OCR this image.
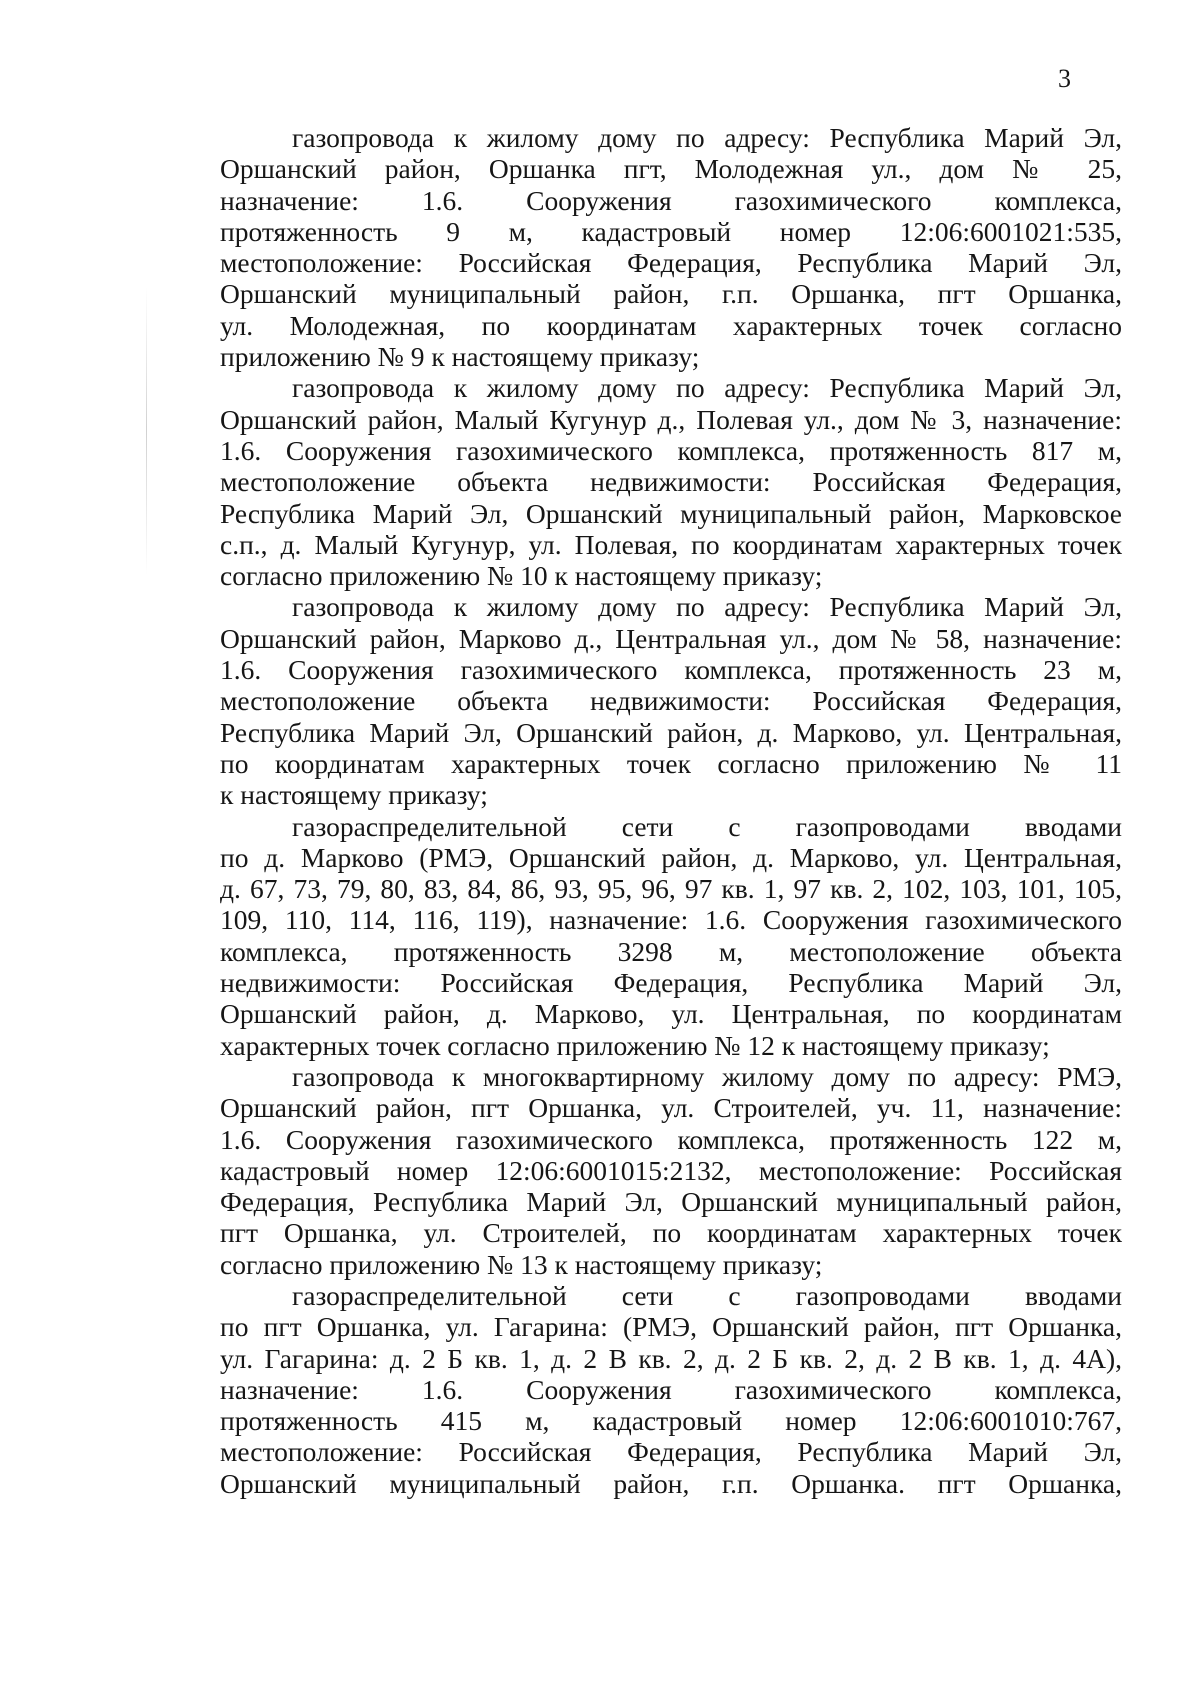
3
газопровода к жилому дому по адресу: Республика Марий Эл,
Оршанский район, Оршанка пгт, Молодежная ул., дом № 25,
назначение: 1.6. Сооружения газохимического комплекса,
протяженность 9 м, кадастровый номер 12:06:6001021:535,
местоположение: Российская Федерация, Республика Марий Эл,
Оршанский муниципальный район, г.п. Оршанка, пгт Оршанка,
ул. Молодежная, по координатам характерных точек согласно
приложению № 9 к настоящему приказу;
газопровода к жилому дому по адресу: Республика Марий Эл,
Оршанский район, Малый Кугунур д., Полевая ул., дом № 3, назначение:
1.6. Сооружения газохимического комплекса, протяженность 817 м,
местоположение объекта недвижимости: Российская Федерация,
Республика Марий Эл, Оршанский муниципальный район, Марковское
с.п., д. Малый Кугунур, ул. Полевая, по координатам характерных точек
согласно приложению № 10 к настоящему приказу;
газопровода к жилому дому по адресу: Республика Марий Эл,
Оршанский район, Марково д., Центральная ул., дом № 58, назначение:
1.6. Сооружения газохимического комплекса, протяженность 23 м,
местоположение объекта недвижимости: Российская Федерация,
Республика Марий Эл, Оршанский район, д. Марково, ул. Центральная,
по координатам характерных точек согласно приложению № 11
к настоящему приказу;
газораспределительной сети с газопроводами вводами
по д. Марково (РМЭ, Оршанский район, д. Марково, ул. Центральная,
д. 67, 73, 79, 80, 83, 84, 86, 93, 95, 96, 97 кв. 1, 97 кв. 2, 102, 103, 101, 105,
109, 110, 114, 116, 119), назначение: 1.6. Сооружения газохимического
комплекса, протяженность 3298 м, местоположение объекта
недвижимости: Российская Федерация, Республика Марий Эл,
Оршанский район, д. Марково, ул. Центральная, по координатам
характерных точек согласно приложению № 12 к настоящему приказу;
газопровода к многоквартирному жилому дому по адресу: РМЭ,
Оршанский район, пгт Оршанка, ул. Строителей, уч. 11, назначение:
1.6. Сооружения газохимического комплекса, протяженность 122 м,
кадастровый номер 12:06:6001015:2132, местоположение: Российская
Федерация, Республика Марий Эл, Оршанский муниципальный район,
пгт Оршанка, ул. Строителей, по координатам характерных точек
согласно приложению № 13 к настоящему приказу;
газораспределительной сети с газопроводами вводами
по пгт Оршанка, ул. Гагарина: (РМЭ, Оршанский район, пгт Оршанка,
ул. Гагарина: д. 2 Б кв. 1, д. 2 В кв. 2, д. 2 Б кв. 2, д. 2 В кв. 1, д. 4А),
назначение: 1.6. Сооружения газохимического комплекса,
протяженность 415 м, кадастровый номер 12:06:6001010:767,
местоположение: Российская Федерация, Республика Марий Эл,
Оршанский муниципальный район, г.п. Оршанка. пгт Оршанка,
